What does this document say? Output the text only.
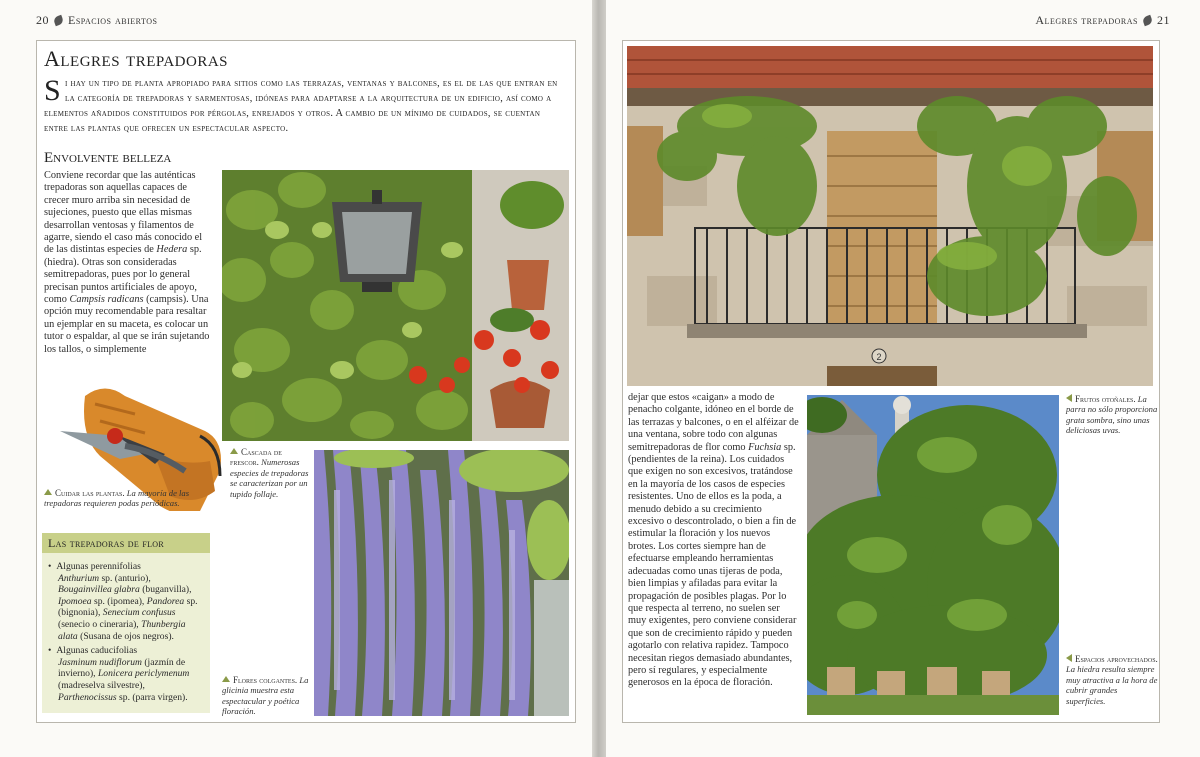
20 Espacios abiertos
Alegres trepadoras

Si hay un tipo de planta apropiado para sitios como las terrazas, ventanas y balcones, es el de las que entran en la categoría de trepadoras y sarmentosas, idóneas para adaptarse a la arquitectura de un edificio, así como a elementos añadidos constituidos por pérgolas, enrejados y otros. A cambio de un mínimo de cuidados, se cuentan entre las plantas que ofrecen un espectacular aspecto.

Envolvente belleza

Conviene recordar que las auténticas trepadoras son aquellas capaces de crecer muro arriba sin necesidad de sujeciones, puesto que ellas mismas desarrollan ventosas y filamentos de agarre, siendo el caso más conocido el de las distintas especies de Hedera sp. (hiedra). Otras son consideradas semitrepadoras, pues por lo general precisan puntos artificiales de apoyo, como Campsis radicans (campsis). Una opción muy recomendable para resaltar un ejemplar en su maceta, es colocar un tutor o espaldar, al que se irán sujetando los tallos, o simplemente

Cuidar las plantas. La mayoría de las trepadoras requieren podas periódicas.

Cascada de frescor. Numerosas especies de trepadoras se caracterizan por un tupido follaje.

Flores colgantes. La glicinia muestra esta espectacular y poética floración.

Las trepadoras de flor
• Algunas perennifolias
Anthurium sp. (anturio), Bougainvillea glabra (buganvilla), Ipomoea sp. (ipomea), Pandorea sp. (bignonia), Senecium confusus (senecio o cineraria), Thunbergia alata (Susana de ojos negros).
• Algunas caducifolias
Jasminum nudiflorum (jazmín de invierno), Lonicera periclymenum (madreselva silvestre), Parthenocissus sp. (parra virgen).
Alegres trepadoras 21
2

dejar que estos «caigan» a modo de penacho colgante, idóneo en el borde de las terrazas y balcones, o en el alféizar de una ventana, sobre todo con algunas semitrepadoras de flor como Fuchsia sp. (pendientes de la reina). Los cuidados que exigen no son excesivos, tratándose en la mayoría de los casos de especies resistentes. Uno de ellos es la poda, a menudo debido a su crecimiento excesivo o descontrolado, o bien a fin de estimular la floración y los nuevos brotes. Los cortes siempre han de efectuarse empleando herramientas adecuadas como unas tijeras de poda, bien limpias y afiladas para evitar la propagación de posibles plagas. Por lo que respecta al terreno, no suelen ser muy exigentes, pero conviene considerar que son de crecimiento rápido y pueden agotarlo con relativa rapidez. Tampoco necesitan riegos demasiado abundantes, pero sí regulares, y especialmente generosos en la época de floración.

Frutos otoñales. La parra no sólo proporciona grata sombra, sino unas deliciosas uvas.

Espacios aprovechados. La hiedra resulta siempre muy atractiva a la hora de cubrir grandes superficies.
